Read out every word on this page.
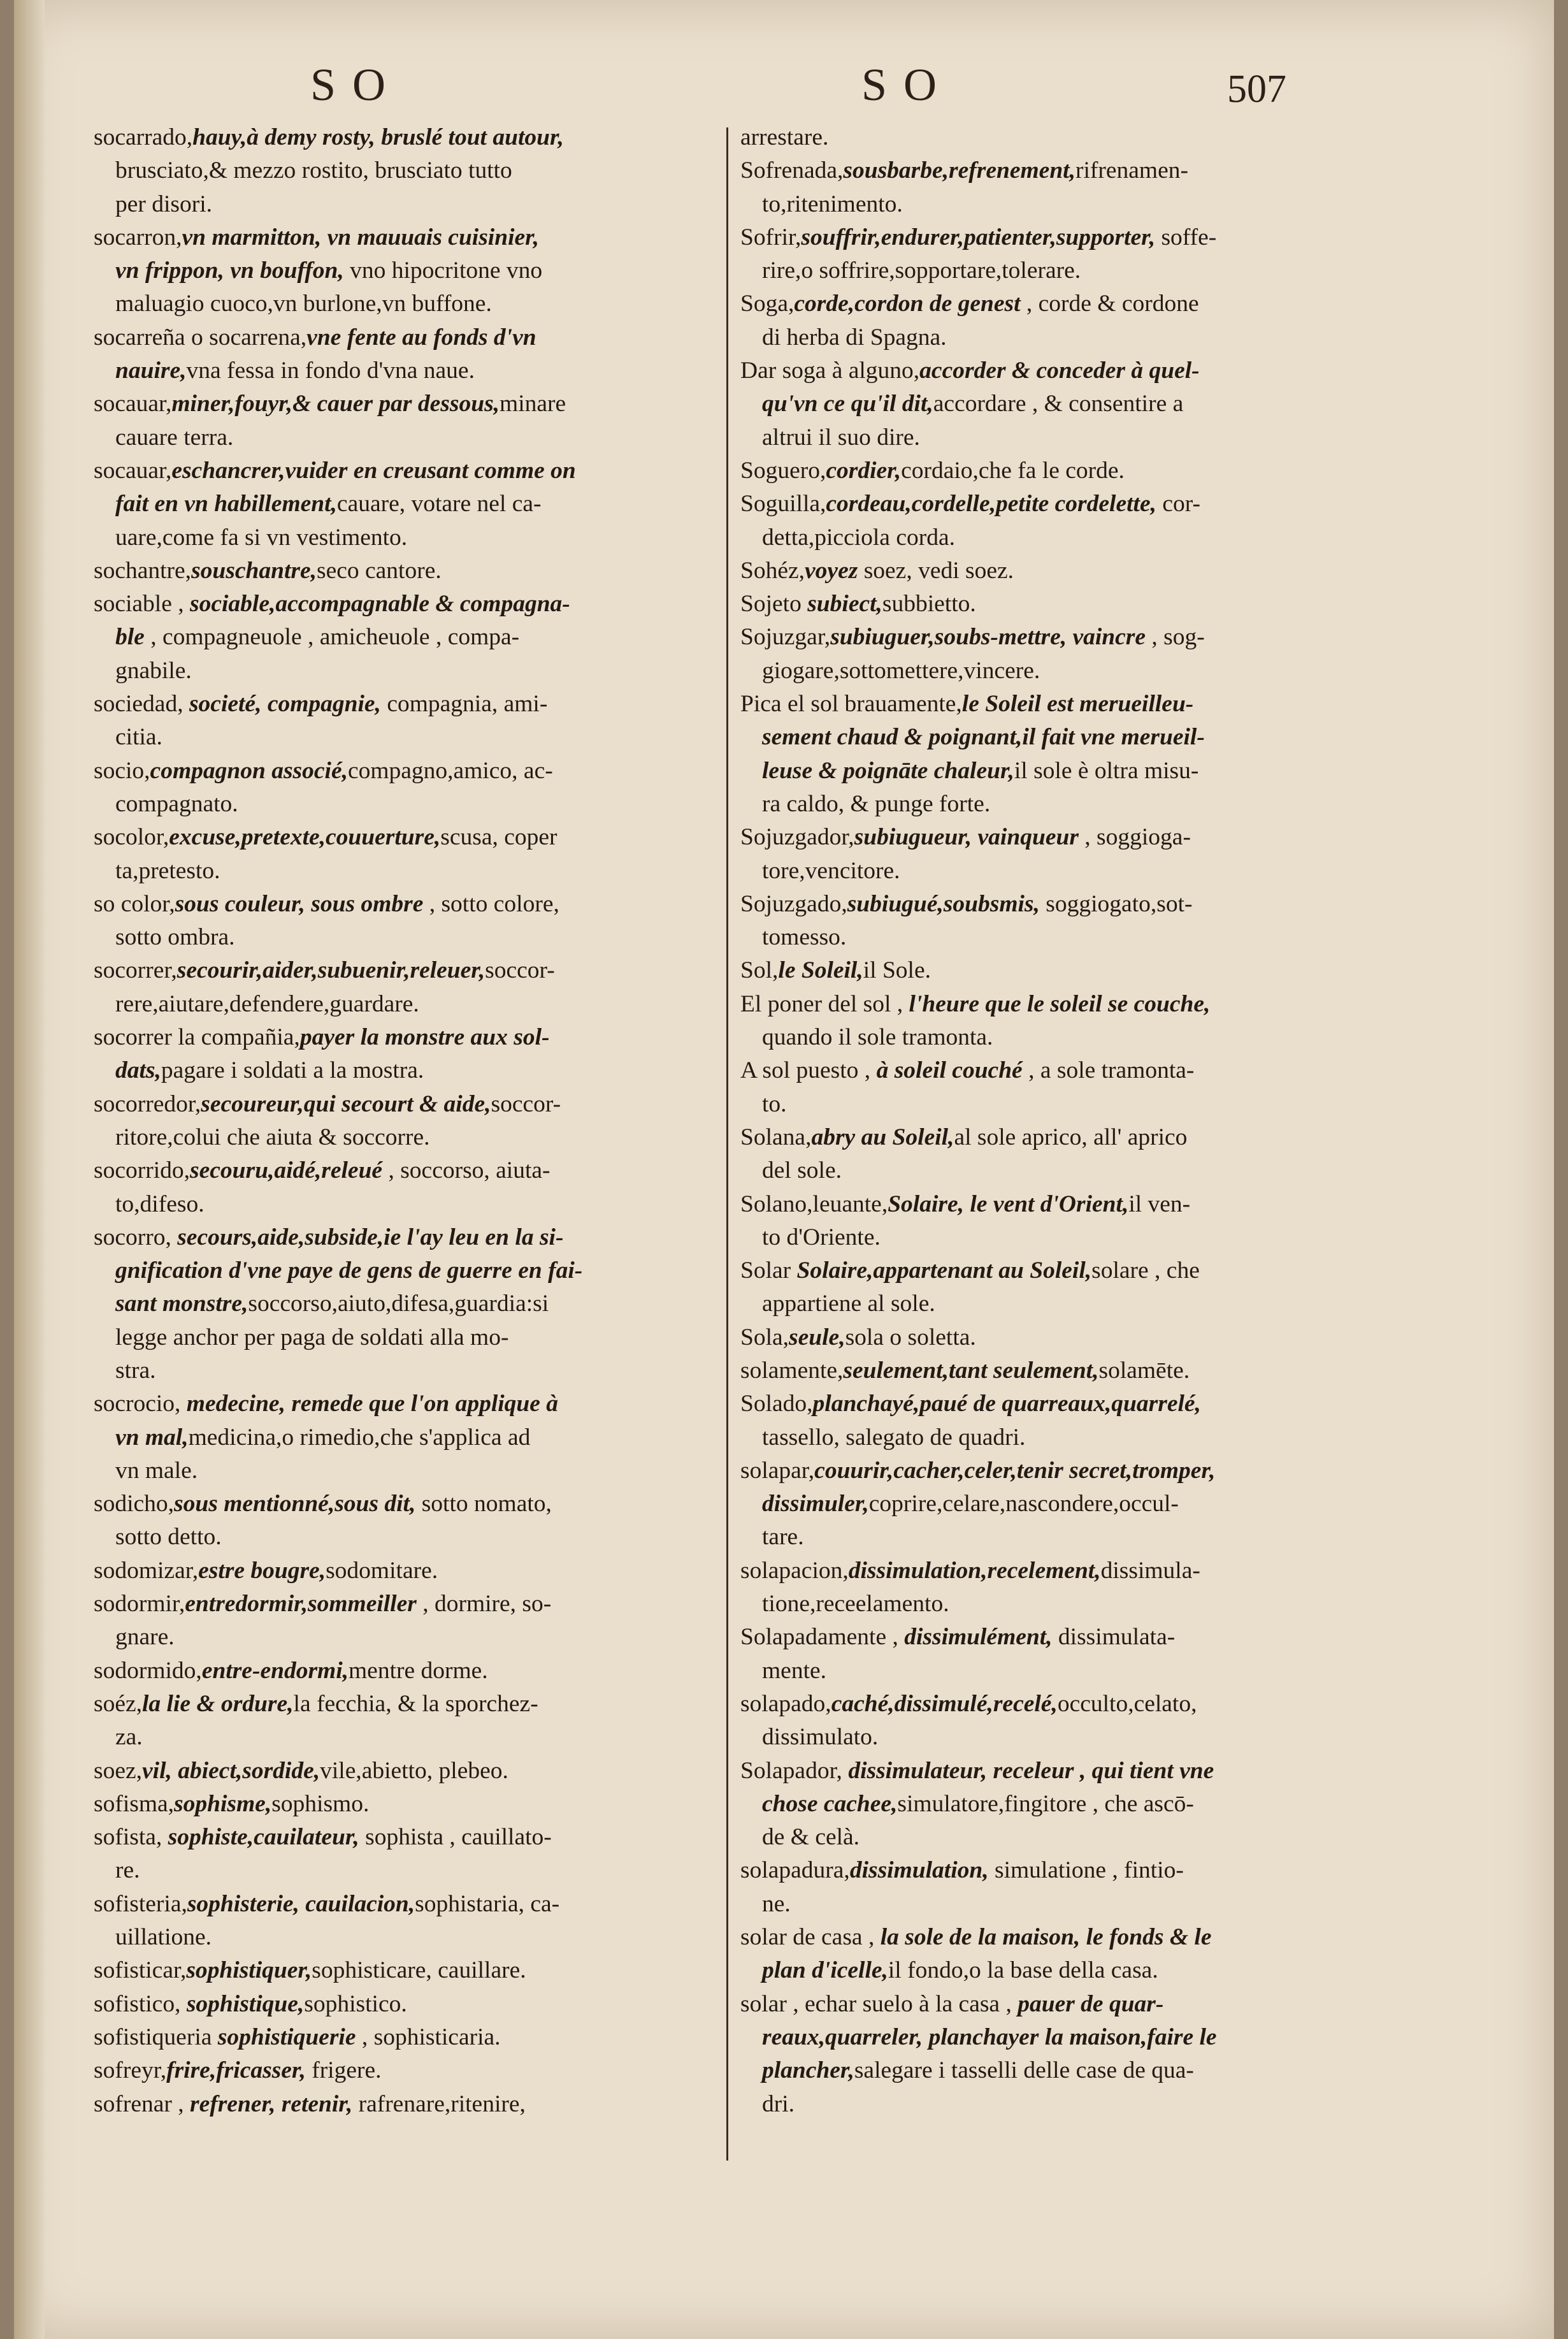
SO	SO	507
socarrado,hauy,à demy rosty, bruslé tout autour,
brusciato,& mezzo rostito, brusciato tutto
per disori.
socarron,vn marmitton, vn mauuais cuisinier,
vn frippon, vn bouffon, vno hipocritone vno
maluagio cuoco,vn burlone,vn buffone.
socarreña o socarrena,vne fente au fonds d'vn
nauire,vna fessa in fondo d'vna naue.
socauar,miner,fouyr,& cauer par dessous,minare
cauare terra.
socauar,eschancrer,vuider en creusant comme on
fait en vn habillement,cauare, votare nel ca-
uare,come fa si vn vestimento.
sochantre,souschantre,seco cantore.
sociable , sociable,accompagnable & compagna-
ble , compagneuole , amicheuole , compa-
gnabile.
sociedad, societé, compagnie, compagnia, ami-
citia.
socio,compagnon associé,compagno,amico, ac-
compagnato.
socolor,excuse,pretexte,couuerture,scusa, coper
ta,pretesto.
so color,sous couleur, sous ombre , sotto colore,
sotto ombra.
socorrer,secourir,aider,subuenir,releuer,soccor-
rere,aiutare,defendere,guardare.
socorrer la compañia,payer la monstre aux sol-
dats,pagare i soldati a la mostra.
socorredor,secoureur,qui secourt & aide,soccor-
ritore,colui che aiuta & soccorre.
socorrido,secouru,aidé,releué , soccorso, aiuta-
to,difeso.
socorro, secours,aide,subside,ie l'ay leu en la si-
gnification d'vne paye de gens de guerre en fai-
sant monstre,soccorso,aiuto,difesa,guardia:si
legge anchor per paga de soldati alla mo-
stra.
socrocio, medecine, remede que l'on applique à
vn mal,medicina,o rimedio,che s'applica ad
vn male.
sodicho,sous mentionné,sous dit, sotto nomato,
sotto detto.
sodomizar,estre bougre,sodomitare.
sodormir,entredormir,sommeiller , dormire, so-
gnare.
sodormido,entre-endormi,mentre dorme.
soéz,la lie & ordure,la fecchia, & la sporchez-
za.
soez,vil, abiect,sordide,vile,abietto, plebeo.
sofisma,sophisme,sophismo.
sofista, sophiste,cauilateur, sophista , cauillato-
re.
sofisteria,sophisterie, cauilacion,sophistaria, ca-
uillatione.
sofisticar,sophistiquer,sophisticare, cauillare.
sofistico, sophistique,sophistico.
sofistiqueria sophistiquerie , sophisticaria.
sofreyr,frire,fricasser, frigere.
sofrenar , refrener, retenir, rafrenare,ritenire,
arrestare.
Sofrenada,sousbarbe,refrenement,rifrenamen-
to,ritenimento.
Sofrir,souffrir,endurer,patienter,supporter, soffe-
rire,o soffrire,sopportare,tolerare.
Soga,corde,cordon de genest , corde & cordone
di herba di Spagna.
Dar soga à alguno,accorder & conceder à quel-
qu'vn ce qu'il dit,accordare , & consentire a
altrui il suo dire.
Soguero,cordier,cordaio,che fa le corde.
Soguilla,cordeau,cordelle,petite cordelette, cor-
detta,picciola corda.
Sohéz,voyez soez, vedi soez.
Sojeto subiect,subbietto.
Sojuzgar,subiuguer,soubs-mettre, vaincre , sog-
giogare,sottomettere,vincere.
Pica el sol brauamente,le Soleil est merueilleu-
sement chaud & poignant,il fait vne merueil-
leuse & poignāte chaleur,il sole è oltra misu-
ra caldo, & punge forte.
Sojuzgador,subiugueur, vainqueur , soggioga-
tore,vencitore.
Sojuzgado,subiugué,soubsmis, soggiogato,sot-
tomesso.
Sol,le Soleil,il Sole.
El poner del sol , l'heure que le soleil se couche,
quando il sole tramonta.
A sol puesto , à soleil couché , a sole tramonta-
to.
Solana,abry au Soleil,al sole aprico, all' aprico
del sole.
Solano,leuante,Solaire, le vent d'Orient,il ven-
to d'Oriente.
Solar Solaire,appartenant au Soleil,solare , che
appartiene al sole.
Sola,seule,sola o soletta.
solamente,seulement,tant seulement,solamēte.
Solado,planchayé,paué de quarreaux,quarrelé,
tassello, salegato de quadri.
solapar,couurir,cacher,celer,tenir secret,tromper,
dissimuler,coprire,celare,nascondere,occul-
tare.
solapacion,dissimulation,recelement,dissimula-
tione,receelamento.
Solapadamente , dissimulément, dissimulata-
mente.
solapado,caché,dissimulé,recelé,occulto,celato,
dissimulato.
Solapador, dissimulateur, receleur , qui tient vne
chose cachee,simulatore,fingitore , che ascō-
de & celà.
solapadura,dissimulation, simulatione , fintio-
ne.
solar de casa , la sole de la maison, le fonds & le
plan d'icelle,il fondo,o la base della casa.
solar , echar suelo à la casa , pauer de quar-
reaux,quarreler, planchayer la maison,faire le
plancher,salegare i tasselli delle case de qua-
dri.
